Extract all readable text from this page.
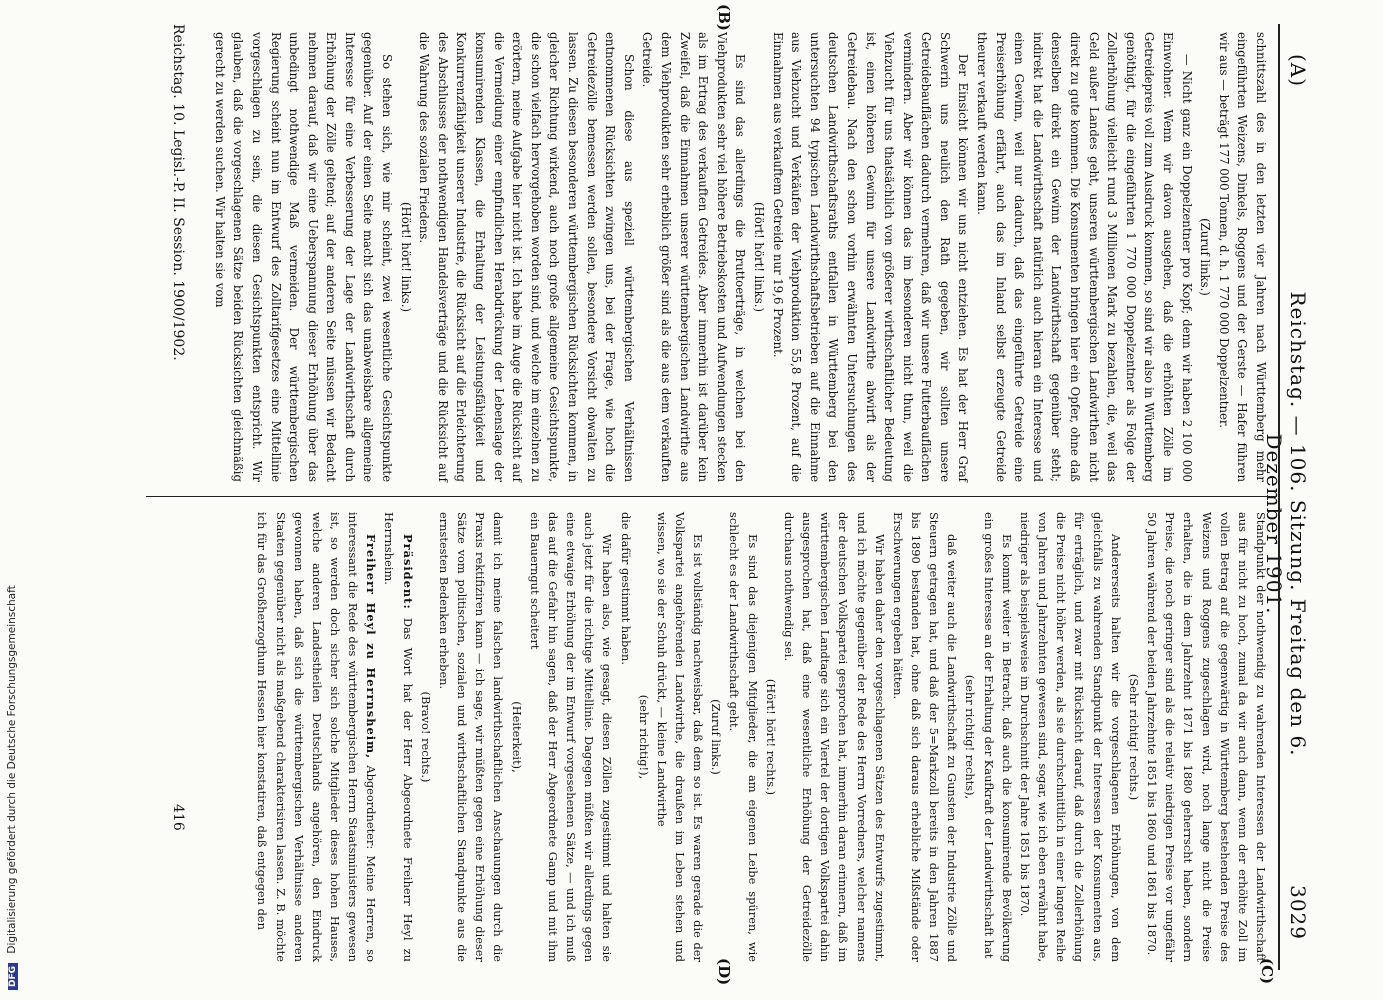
(A)
Reichstag. — 106. Sitzung. Freitag den 6. Dezember 1901.
3029
(C)
(B)
(D)

schnittszahl des in den letzten vier Jahren nach Württemberg mehr eingeführten Weizens, Dinkels, Roggens und der Gerste — Hafer führen wir aus — beträgt 177 000 Tonnen, d. h. 1 770 000 Doppelzentner.

(Zuruf links.)

— Nicht ganz ein Doppelzentner pro Kopf; denn wir haben 2 100 000 Einwohner. Wenn wir davon ausgehen, daß die erhöhten Zölle im Getreidepreis voll zum Ausdruck kommen, so sind wir also in Württemberg genöthigt, für die eingeführten 1 770 000 Doppelzentner als Folge der Zollerhöhung vielleicht rund 3 Millionen Mark zu bezahlen, die, weil das Geld außer Landes geht, unseren württembergischen Landwirthen nicht direkt zu gute kommen. Die Konsumenten bringen hier ein Opfer, ohne daß denselben direkt ein Gewinn der Landwirthschaft gegenüber steht; indirekt hat die Landwirthschaft natürlich auch hieran ein Interesse und einen Gewinn, weil nur dadurch, daß das eingeführte Getreide eine Preiserhöhung erfährt, auch das im Inland selbst erzeugte Getreide theurer verkauft werden kann.

Der Einsicht können wir uns nicht entziehen. Es hat der Herr Graf Schwerin uns neulich den Rath gegeben, wir sollten unsere Getreidebauflächen dadurch vermehren, daß wir unsere Futterbauflächen vermindern. Aber wir können das im besonderen nicht thun, weil die Viehzucht für uns thatsächlich von größerer wirthschaftlicher Bedeutung ist, einen höheren Gewinn für unsere Landwirthe abwirft als der Getreidebau. Nach den schon vorhin erwähnten Untersuchungen des deutschen Landwirthschaftsraths entfallen in Württemberg bei den untersuchten 94 typischen Landwirthschaftsbetrieben auf die Einnahme aus Viehzucht und Verkäufen der Viehproduktion 55,8 Prozent, auf die Einnahmen aus verkauftem Getreide nur 19,6 Prozent.

(Hört! hört! links.)

Es sind das allerdings die Bruttoerträge, in welchen bei den Viehprodukten sehr viel höhere Betriebskosten und Aufwendungen stecken als im Ertrag des verkauften Getreides. Aber immerhin ist darüber kein Zweifel, daß die Einnahmen unserer württembergischen Landwirthe aus dem Viehprodukten sehr erheblich größer sind als die aus dem verkauften Getreide.

Schon diese aus speziell württembergischen Verhältnissen entnommenen Rücksichten zwingen uns, bei der Frage, wie hoch die Getreidezölle bemessen werden sollen, besondere Vorsicht obwalten zu lassen. Zu diesen besonderen württembergischen Rücksichten kommen, in gleicher Richtung wirkend, auch noch große allgemeine Gesichtspunkte, die schon vielfach hervorgehoben worden sind, und welche im einzelnen zu erörtern, meine Aufgabe hier nicht ist. Ich habe im Auge die Rücksicht auf die Vermeidung einer empfindlichen Herabdrückung der Lebenslage der konsumirenden Klassen, die Erhaltung der Leistungsfähigkeit und Konkurrenzfähigkeit unserer Industrie, die Rücksicht auf die Erleichterung des Abschlusses der nothwendigen Handelsverträge und die Rücksicht auf die Wahrung des sozialen Friedens.

(Hört! hört! links.)

So stehen sich, wie mir scheint, zwei wesentliche Gesichtspunkte gegenüber. Auf der einen Seite macht sich das unabweisbare allgemeine Interesse für eine Verbesserung der Lage der Landwirthschaft durch Erhöhung der Zölle geltend; auf der anderen Seite müssen wir Bedacht nehmen darauf, daß wir eine Ueberspannung dieser Erhöhung über das unbedingt nothwendige Maß vermeiden. Der württembergischen Regierung scheint nun im Entwurf des Zolltarifgesetzes eine Mittellinie vorgeschlagen zu sein, die diesen Gesichtspunkten entspricht. Wir glauben, daß die vorgeschlagenen Sätze beiden Rücksichten gleichmäßig gerecht zu werden suchen. Wir halten sie vom

Standpunkt der nothwendig zu wahrenden Interessen der Landwirthschaft aus für nicht zu hoch, zumal da wir auch dann, wenn der erhöhte Zoll im vollen Betrag auf die gegenwärtig in Württemberg bestehenden Preise des Weizens und Roggens zugeschlagen wird, noch lange nicht die Preise erhalten, die in dem Jahrzehnt 1871 bis 1880 geherrscht haben, sondern Preise, die noch geringer sind als die relativ niedrigen Preise vor ungefähr 50 Jahren während der beiden Jahrzehnte 1851 bis 1860 und 1861 bis 1870.

(Sehr richtig! rechts.)

Andererseits halten wir die vorgeschlagenen Erhöhungen, von dem gleichfalls zu wahrenden Standpunkt der Interessen der Konsumenten aus, für erträglich, und zwar mit Rücksicht darauf, daß durch die Zollerhöhung die Preise nicht höher werden, als sie durchschnittlich in einer langen Reihe von Jahren und Jahrzehnten gewesen sind, sogar, wie ich eben erwähnt habe, niedriger als beispielsweise im Durchschnitt der Jahre 1851 bis 1870.

Es kommt weiter in Betracht, daß auch die konsumirende Bevölkerung ein großes Interesse an der Erhaltung der Kaufkraft der Landwirthschaft hat

(sehr richtig! rechts),

daß weiter auch die Landwirthschaft zu Gunsten der Industrie Zölle und Steuern getragen hat, und daß der 5=Markzoll bereits in den Jahren 1887 bis 1890 bestanden hat, ohne daß sich daraus erhebliche Mißstände oder Erschwerungen ergeben hätten.

Wir haben daher den vorgeschlagenen Sätzen des Entwurfs zugestimmt, und ich möchte gegenüber der Rede des Herrn Vorredners, welcher namens der deutschen Volkspartei gesprochen hat, immerhin daran erinnern, daß im württembergischen Landtage sich ein Viertel der dortigen Volkspartei dahin ausgesprochen hat, daß eine wesentliche Erhöhung der Getreidezölle durchaus nothwendig sei.

(Hört! hört! rechts.)

Es sind das diejenigen Mitglieder, die am eigenen Leibe spüren, wie schlecht es der Landwirthschaft geht.

(Zuruf links.)

Es ist vollständig nachweisbar, daß dem so ist. Es waren gerade die der Volkspartei angehörenden Landwirthe, die draußen im Leben stehen und wissen, wo sie der Schuh drückt, — kleine Landwirthe

(sehr richtig!),

die dafür gestimmt haben.

Wir haben also, wie gesagt, diesen Zöllen zugestimmt und halten sie auch jetzt für die richtige Mittellinie. Dagegen müßten wir allerdings gegen eine etwaige Erhöhung der im Entwurf vorgesehenen Sätze, — und ich muß das auf die Gefahr hin sagen, daß der Herr Abgeordnete Gamp und mit ihm ein Bauerngut scheitert

(Heiterkeit),

damit ich meine falschen landwirthschaftlichen Anschauungen durch die Praxis rektifiziren kann — ich sage, wir müßten gegen eine Erhöhung dieser Sätze vom politischen, sozialen und wirthschaftlichen Standpunkte aus die ernstesten Bedenken erheben.

(Bravo! rechts.)

Präsident: Das Wort hat der Herr Abgeordnete Freiherr Heyl zu Herrnsheim.

Freiherr Heyl zu Herrnsheim, Abgeordneter: Meine Herren, so interessant die Rede des württembergischen Herrn Staatsministers gewesen ist, so werden doch sicher sich solche Mitglieder dieses hohen Hauses, welche anderen Landestheilen Deutschlands angehören, den Eindruck gewonnen haben, daß sich die württembergischen Verhältnisse anderen Staaten gegenüber nicht als maßgebend charakterisiren lassen. Z. B. möchte ich für das Großherzogthum Hessen hier konstatiren, daß entgegen den

Reichstag. 10. Legisl.-P. II. Session. 1900/1902.
416
DFG Digitalisierung gefördert durch die Deutsche Forschungsgemeinschaft
